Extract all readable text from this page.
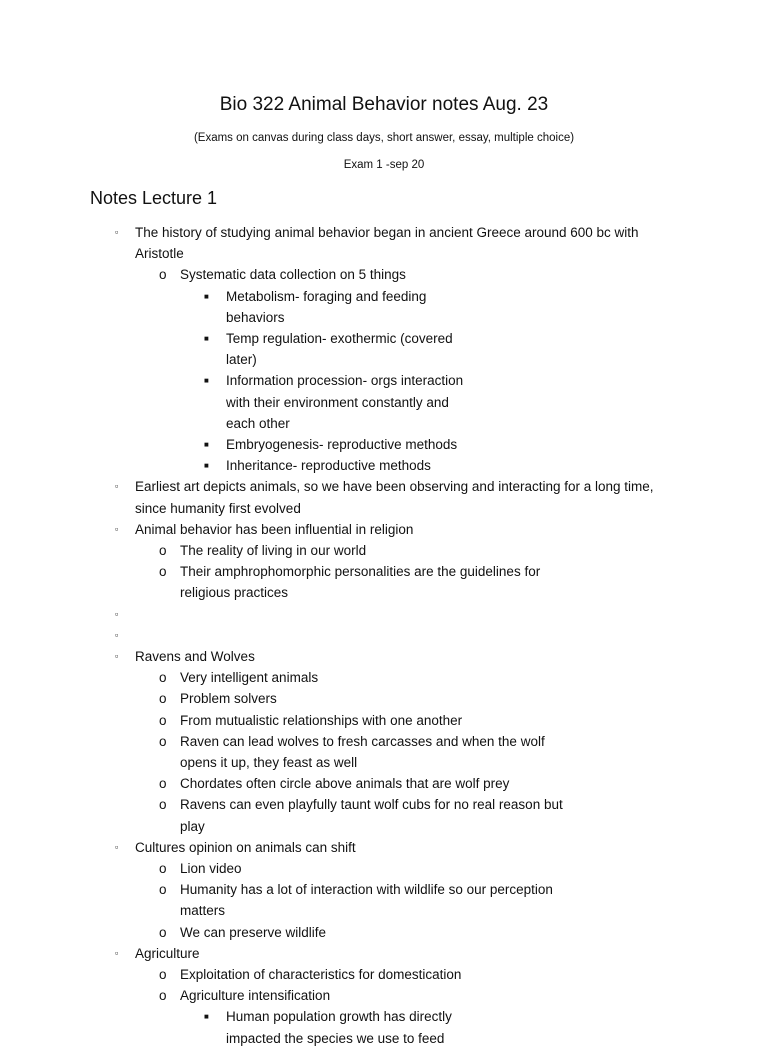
Bio 322 Animal Behavior notes Aug. 23

(Exams on canvas during class days, short answer, essay, multiple choice)

Exam 1 -sep 20

Notes Lecture 1
▫ The history of studying animal behavior began in ancient Greece around 600 bc with Aristotle
o Systematic data collection on 5 things
■ Metabolism- foraging and feeding behaviors
■ Temp regulation- exothermic (covered later)
■ Information procession- orgs interaction with their environment constantly and each other
■ Embryogenesis- reproductive methods
■ Inheritance- reproductive methods
▫ Earliest art depicts animals, so we have been observing and interacting for a long time, since humanity first evolved
▫ Animal behavior has been influential in religion
o The reality of living in our world
o Their amphrophomorphic personalities are the guidelines for religious practices
▫
▫
▫ Ravens and Wolves
o Very intelligent animals
o Problem solvers
o From mutualistic relationships with one another
o Raven can lead wolves to fresh carcasses and when the wolf opens it up, they feast as well
o Chordates often circle above animals that are wolf prey
o Ravens can even playfully taunt wolf cubs for no real reason but play
▫ Cultures opinion on animals can shift
o Lion video
o Humanity has a lot of interaction with wildlife so our perception matters
o We can preserve wildlife
▫ Agriculture
o Exploitation of characteristics for domestication
o Agriculture intensification
■ Human population growth has directly impacted the species we use to feed
